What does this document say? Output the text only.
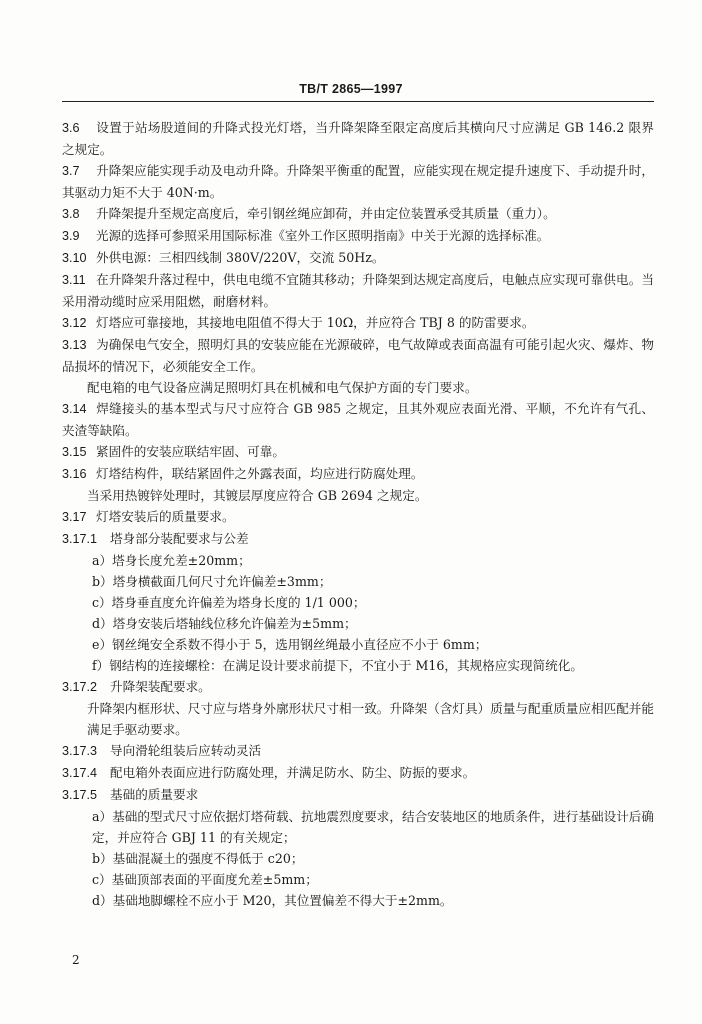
TB/T 2865—1997

3.6 设置于站场股道间的升降式投光灯塔，当升降架降至限定高度后其横向尺寸应满足 GB 146.2 限界之规定。

3.7 升降架应能实现手动及电动升降。升降架平衡重的配置，应能实现在规定提升速度下、手动提升时，其驱动力矩不大于 40N·m。

3.8 升降架提升至规定高度后，牵引钢丝绳应卸荷，并由定位装置承受其质量（重力）。

3.9 光源的选择可参照采用国际标准《室外工作区照明指南》中关于光源的选择标准。

3.10 外供电源：三相四线制 380V/220V，交流 50Hz。

3.11 在升降架升落过程中，供电电缆不宜随其移动；升降架到达规定高度后，电触点应实现可靠供电。当采用滑动缆时应采用阻燃，耐磨材料。

3.12 灯塔应可靠接地，其接地电阻值不得大于 10Ω，并应符合 TBJ 8 的防雷要求。

3.13 为确保电气安全，照明灯具的安装应能在光源破碎，电气故障或表面高温有可能引起火灾、爆炸、物品损坏的情况下，必须能安全工作。

配电箱的电气设备应满足照明灯具在机械和电气保护方面的专门要求。

3.14 焊缝接头的基本型式与尺寸应符合 GB 985 之规定，且其外观应表面光滑、平顺，不允许有气孔、夹渣等缺陷。

3.15 紧固件的安装应联结牢固、可靠。

3.16 灯塔结构件，联结紧固件之外露表面，均应进行防腐处理。

当采用热镀锌处理时，其镀层厚度应符合 GB 2694 之规定。

3.17 灯塔安装后的质量要求。

3.17.1 塔身部分装配要求与公差

a）塔身长度允差±20mm；

b）塔身横截面几何尺寸允许偏差±3mm；

c）塔身垂直度允许偏差为塔身长度的 1/1 000；

d）塔身安装后塔轴线位移允许偏差为±5mm；

e）钢丝绳安全系数不得小于 5，选用钢丝绳最小直径应不小于 6mm；

f）钢结构的连接螺栓：在满足设计要求前提下，不宜小于 M16，其规格应实现简统化。

3.17.2 升降架装配要求。

升降架内框形状、尺寸应与塔身外廓形状尺寸相一致。升降架（含灯具）质量与配重质量应相匹配并能满足手驱动要求。

3.17.3 导向滑轮组装后应转动灵活

3.17.4 配电箱外表面应进行防腐处理，并满足防水、防尘、防振的要求。

3.17.5 基础的质量要求

a）基础的型式尺寸应依据灯塔荷载、抗地震烈度要求，结合安装地区的地质条件，进行基础设计后确定，并应符合 GBJ 11 的有关规定；

b）基础混凝土的强度不得低于 c20；

c）基础顶部表面的平面度允差±5mm；

d）基础地脚螺栓不应小于 M20，其位置偏差不得大于±2mm。

2
